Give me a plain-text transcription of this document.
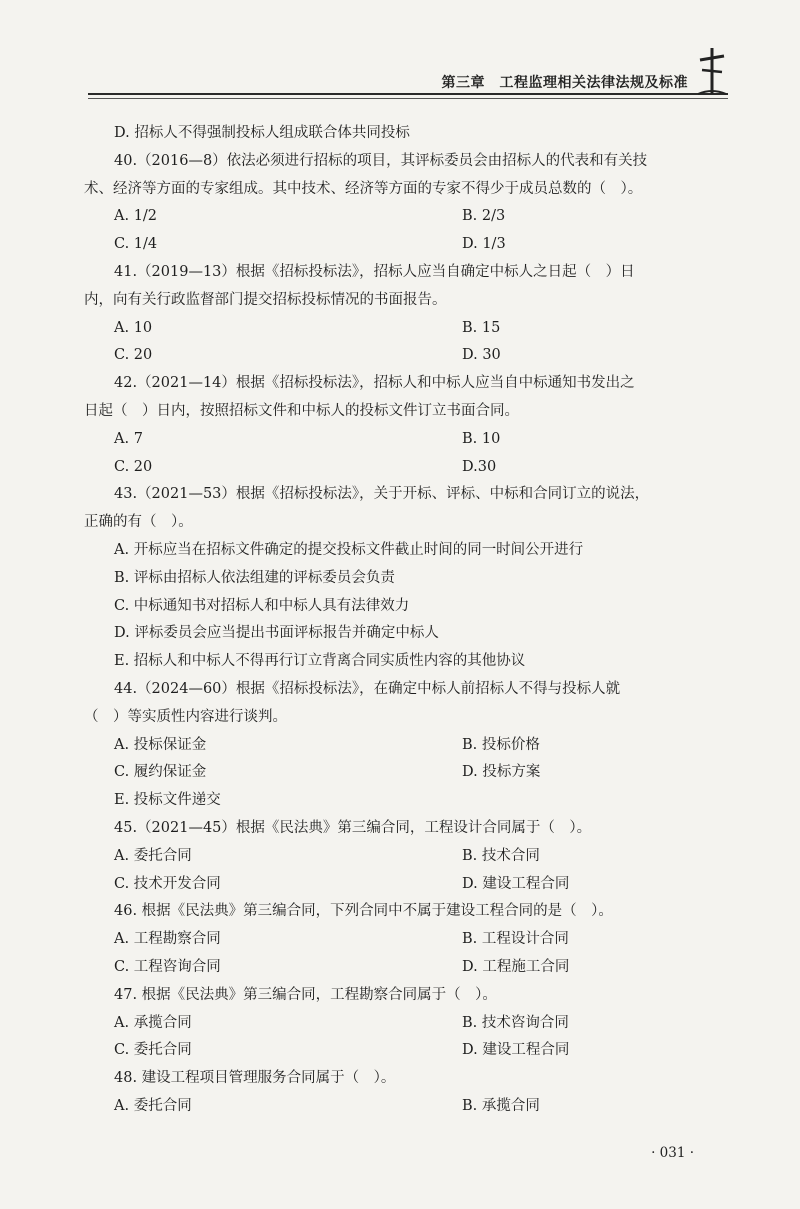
第三章　工程监理相关法律法规及标准
D. 招标人不得强制投标人组成联合体共同投标
40.（2016—8）依法必须进行招标的项目，其评标委员会由招标人的代表和有关技
术、经济等方面的专家组成。其中技术、经济等方面的专家不得少于成员总数的（　）。
A. 1/2	B. 2/3
C. 1/4	D. 1/3
41.（2019—13）根据《招标投标法》，招标人应当自确定中标人之日起（　）日
内，向有关行政监督部门提交招标投标情况的书面报告。
A. 10	B. 15
C. 20	D. 30
42.（2021—14）根据《招标投标法》，招标人和中标人应当自中标通知书发出之
日起（　）日内，按照招标文件和中标人的投标文件订立书面合同。
A. 7	B. 10
C. 20	D.30
43.（2021—53）根据《招标投标法》，关于开标、评标、中标和合同订立的说法，
正确的有（　）。
A. 开标应当在招标文件确定的提交投标文件截止时间的同一时间公开进行
B. 评标由招标人依法组建的评标委员会负责
C. 中标通知书对招标人和中标人具有法律效力
D. 评标委员会应当提出书面评标报告并确定中标人
E. 招标人和中标人不得再行订立背离合同实质性内容的其他协议
44.（2024—60）根据《招标投标法》，在确定中标人前招标人不得与投标人就
（　）等实质性内容进行谈判。
A. 投标保证金	B. 投标价格
C. 履约保证金	D. 投标方案
E. 投标文件递交
45.（2021—45）根据《民法典》第三编合同，工程设计合同属于（　）。
A. 委托合同	B. 技术合同
C. 技术开发合同	D. 建设工程合同
46. 根据《民法典》第三编合同，下列合同中不属于建设工程合同的是（　）。
A. 工程勘察合同	B. 工程设计合同
C. 工程咨询合同	D. 工程施工合同
47. 根据《民法典》第三编合同，工程勘察合同属于（　）。
A. 承揽合同	B. 技术咨询合同
C. 委托合同	D. 建设工程合同
48. 建设工程项目管理服务合同属于（　）。
A. 委托合同	B. 承揽合同
· 031 ·
